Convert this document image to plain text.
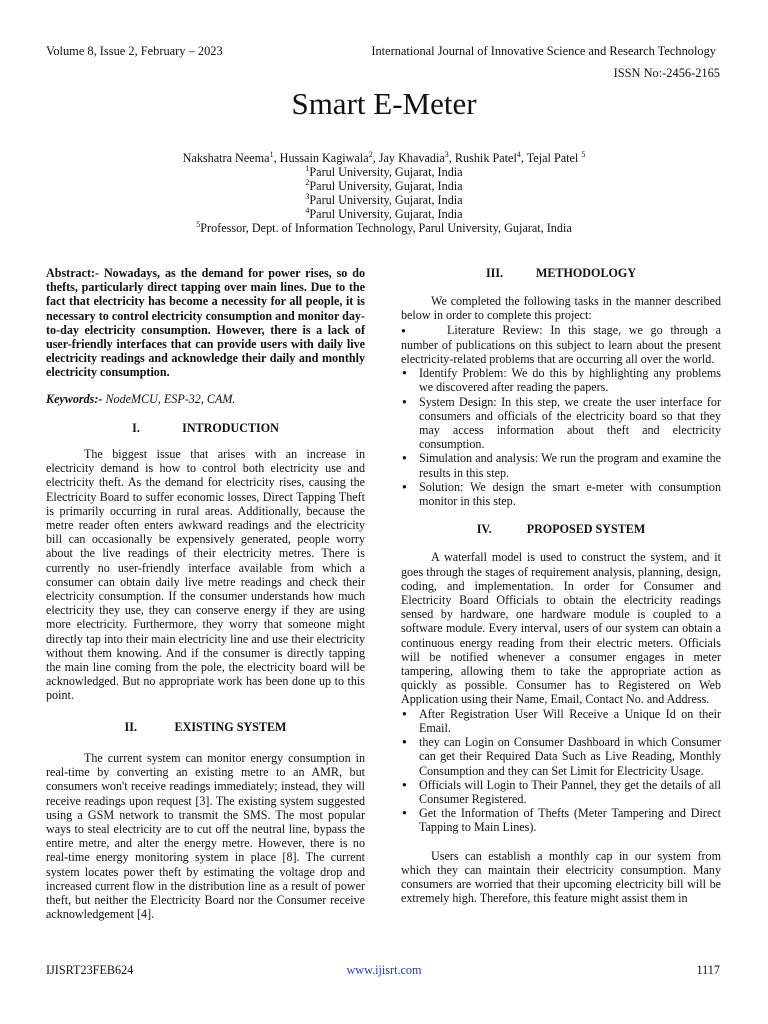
Volume 8, Issue 2, February – 2023	International Journal of Innovative Science and Research Technology
ISSN No:-2456-2165
Smart E-Meter
Nakshatra Neema$^1$, Hussain Kagiwala$^2$, Jay Khavadia$^3$, Rushik Patel$^4$, Tejal Patel $^5$
$^1$Parul University, Gujarat, India
$^2$Parul University, Gujarat, India
$^3$Parul University, Gujarat, India
$^4$Parul University, Gujarat, India
$^5$Professor, Dept. of Information Technology, Parul University, Gujarat, India

Abstract:- Nowadays, as the demand for power rises, so do thefts, particularly direct tapping over main lines. Due to the fact that electricity has become a necessity for all people, it is necessary to control electricity consumption and monitor day-to-day electricity consumption. However, there is a lack of user-friendly interfaces that can provide users with daily live electricity readings and acknowledge their daily and monthly electricity consumption.

Keywords:- NodeMCU, ESP-32, CAM.

I.	INTRODUCTION

The biggest issue that arises with an increase in electricity demand is how to control both electricity use and electricity theft. As the demand for electricity rises, causing the Electricity Board to suffer economic losses, Direct Tapping Theft is primarily occurring in rural areas. Additionally, because the metre reader often enters awkward readings and the electricity bill can occasionally be expensively generated, people worry about the live readings of their electricity metres. There is currently no user-friendly interface available from which a consumer can obtain daily live metre readings and check their electricity consumption. If the consumer understands how much electricity they use, they can conserve energy if they are using more electricity. Furthermore, they worry that someone might directly tap into their main electricity line and use their electricity without them knowing. And if the consumer is directly tapping the main line coming from the pole, the electricity board will be acknowledged. But no appropriate work has been done up to this point.

II.	EXISTING SYSTEM

The current system can monitor energy consumption in real-time by converting an existing metre to an AMR, but consumers won't receive readings immediately; instead, they will receive readings upon request [3]. The existing system suggested using a GSM network to transmit the SMS. The most popular ways to steal electricity are to cut off the neutral line, bypass the entire metre, and alter the energy metre. However, there is no real-time energy monitoring system in place [8]. The current system locates power theft by estimating the voltage drop and increased current flow in the distribution line as a result of power theft, but neither the Electricity Board nor the Consumer receive acknowledgement [4].

III.	METHODOLOGY

We completed the following tasks in the manner described below in order to complete this project:

●	Literature Review: In this stage, we go through a number of publications on this subject to learn about the present electricity-related problems that are occurring all over the world.
● Identify Problem: We do this by highlighting any problems we discovered after reading the papers.
● System Design: In this step, we create the user interface for consumers and officials of the electricity board so that they may access information about theft and electricity consumption.
● Simulation and analysis: We run the program and examine the results in this step.
● Solution: We design the smart e-meter with consumption monitor in this step.
IV.	PROPOSED SYSTEM

A waterfall model is used to construct the system, and it goes through the stages of requirement analysis, planning, design, coding, and implementation. In order for Consumer and Electricity Board Officials to obtain the electricity readings sensed by hardware, one hardware module is coupled to a software module. Every interval, users of our system can obtain a continuous energy reading from their electric meters. Officials will be notified whenever a consumer engages in meter tampering, allowing them to take the appropriate action as quickly as possible. Consumer has to Registered on Web Application using their Name, Email, Contact No. and Address.

● After Registration User Will Receive a Unique Id on their Email.
● they can Login on Consumer Dashboard in which Consumer can get their Required Data Such as Live Reading, Monthly Consumption and they can Set Limit for Electricity Usage.
● Officials will Login to Their Pannel, they get the details of all Consumer Registered.
● Get the Information of Thefts (Meter Tampering and Direct Tapping to Main Lines).

Users can establish a monthly cap in our system from which they can maintain their electricity consumption. Many consumers are worried that their upcoming electricity bill will be extremely high. Therefore, this feature might assist them in

IJISRT23FEB624	www.ijisrt.com	1117
